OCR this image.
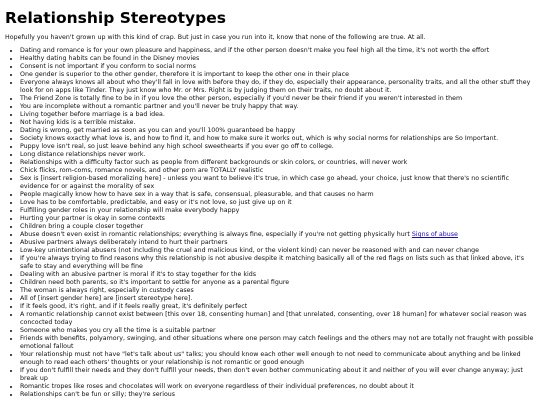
Relationship Stereotypes

Hopefully you haven't grown up with this kind of crap. But just in case you run into it, know that none of the following are true. At all.

• Dating and romance is for your own pleasure and happiness, and if the other person doesn't make you feel high all the time, it's not worth the effort
• Healthy dating habits can be found in the Disney movies
• Consent is not important if you conform to social norms
• One gender is superior to the other gender, therefore it is important to keep the other one in their place
• Everyone always knows all about who they'll fall in love with before they do, if they do, especially their appearance, personality traits, and all the other stuff they look for on apps like Tinder. They just know who Mr. or Mrs. Right is by judging them on their traits, no doubt about it.
• The Friend Zone is totally fine to be in if you love the other person, especially if you'd never be their friend if you weren't interested in them
• You are incomplete without a romantic partner and you'll never be truly happy that way.
• Living together before marriage is a bad idea.
• Not having kids is a terrible mistake.
• Dating is wrong, get married as soon as you can and you'll 100% guaranteed be happy
• Society knows exactly what love is, and how to find it, and how to make sure it works out, which is why social norms for relationships are So Important.
• Puppy love isn't real, so just leave behind any high school sweethearts if you ever go off to college.
• Long distance relationships never work.
• Relationships with a difficulty factor such as people from different backgrounds or skin colors, or countries, will never work
• Chick flicks, rom-coms, romance novels, and other porn are TOTALLY realistic
• Sex is [insert religion-based moralizing here] - unless you want to believe it's true, in which case go ahead, your choice, just know that there's no scientific evidence for or against the morality of sex
• People magically know how to have sex in a way that is safe, consensual, pleasurable, and that causes no harm
• Love has to be comfortable, predictable, and easy or it's not love, so just give up on it
• Fulfilling gender roles in your relationship will make everybody happy
• Hurting your partner is okay in some contexts
• Children bring a couple closer together
• Abuse doesn't even exist in romantic relationships; everything is always fine, especially if you're not getting physically hurt Signs of abuse
• Abusive partners always deliberately intend to hurt their partners
• Low-key unintentional abusers (not including the cruel and malicious kind, or the violent kind) can never be reasoned with and can never change
• If you're always trying to find reasons why this relationship is not abusive despite it matching basically all of the red flags on lists such as that linked above, it's safe to stay and everything will be fine
• Dealing with an abusive partner is moral if it's to stay together for the kids
• Children need both parents, so it's important to settle for anyone as a parental figure
• The woman is always right, especially in custody cases
• All of [insert gender here] are [insert stereotype here].
• If it feels good, it's right, and if it feels really great, it's definitely perfect
• A romantic relationship cannot exist between [this over 18, consenting human] and [that unrelated, consenting, over 18 human] for whatever social reason was concocted today
• Someone who makes you cry all the time is a suitable partner
• Friends with benefits, polyamory, swinging, and other situations where one person may catch feelings and the others may not are totally not fraught with possible emotional fallout
• Your relationship must not have "let's talk about us" talks; you should know each other well enough to not need to communicate about anything and be linked enough to read each others' thoughts or your relationship is not romantic or good enough
• If you don't fulfill their needs and they don't fulfill your needs, then don't even bother communicating about it and neither of you will ever change anyway; just break up
• Romantic tropes like roses and chocolates will work on everyone regardless of their individual preferences, no doubt about it
• Relationships can't be fun or silly; they're serious
